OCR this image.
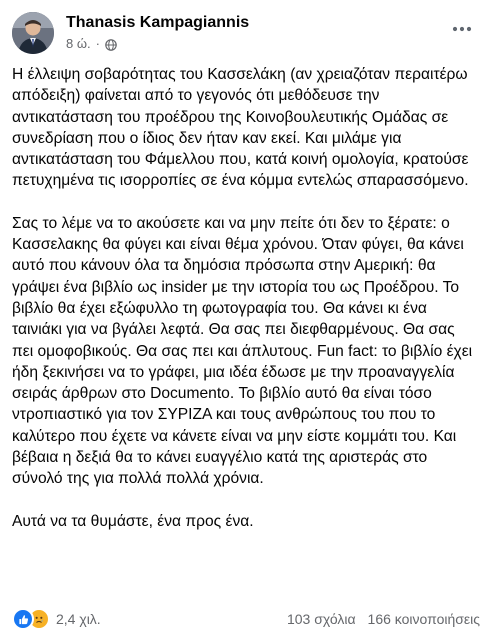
Thanasis Kampagiannis
8 ώ. ·

Η έλλειψη σοβαρότητας του Κασσελάκη (αν χρειαζόταν περαιτέρω απόδειξη) φαίνεται από το γεγονός ότι μεθόδευσε την αντικατάσταση του προέδρου της Κοινοβουλευτικής Ομάδας σε συνεδρίαση που ο ίδιος δεν ήταν καν εκεί. Και μιλάμε για αντικατάσταση του Φάμελλου που, κατά κοινή ομολογία, κρατούσε πετυχημένα τις ισορροπίες σε ένα κόμμα εντελώς σπαρασσόμενο.

Σας το λέμε να το ακούσετε και να μην πείτε ότι δεν το ξέρατε: ο Κασσελακης θα φύγει και είναι θέμα χρόνου. Όταν φύγει, θα κάνει αυτό που κάνουν όλα τα δημόσια πρόσωπα στην Αμερική: θα γράψει ένα βιβλίο ως insider με την ιστορία του ως Προέδρου. Το βιβλίο θα έχει εξώφυλλο τη φωτογραφία του. Θα κάνει κι ένα ταινιάκι για να βγάλει λεφτά. Θα σας πει διεφθαρμένους. Θα σας πει ομοφοβικούς. Θα σας πει και άπλυτους. Fun fact: το βιβλίο έχει ήδη ξεκινήσει να το γράφει, μια ιδέα έδωσε με την προαναγγελία σειράς άρθρων στο Documento. Το βιβλίο αυτό θα είναι τόσο ντροπιαστικό για τον ΣΥΡΙΖΑ και τους ανθρώπους του που το καλύτερο που έχετε να κάνετε είναι να μην είστε κομμάτι του. Και βέβαια η δεξιά θα το κάνει ευαγγέλιο κατά της αριστεράς στο σύνολό της για πολλά πολλά χρόνια.

Αυτά να τα θυμάστε, ένα προς ένα.

2,4 χιλ.	103 σχόλια 166 κοινοποιήσεις
